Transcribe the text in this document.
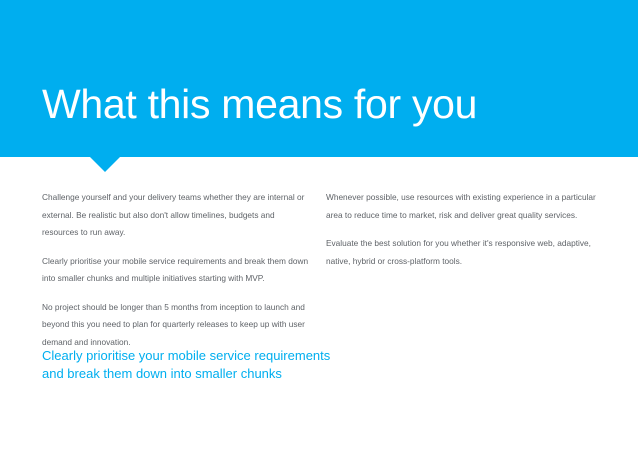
What this means for you

Challenge yourself and your delivery teams whether they are internal or external. Be realistic but also don't allow timelines, budgets and resources to run away.

Clearly prioritise your mobile service requirements and break them down into smaller chunks and multiple initiatives starting with MVP.

No project should be longer than 5 months from inception to launch and beyond this you need to plan for quarterly releases to keep up with user demand and innovation.

Whenever possible, use resources with existing experience in a particular area to reduce time to market, risk and deliver great quality services.

Evaluate the best solution for you whether it's responsive web, adaptive, native, hybrid or cross-platform tools.

Clearly prioritise your mobile service requirements and break them down into smaller chunks
